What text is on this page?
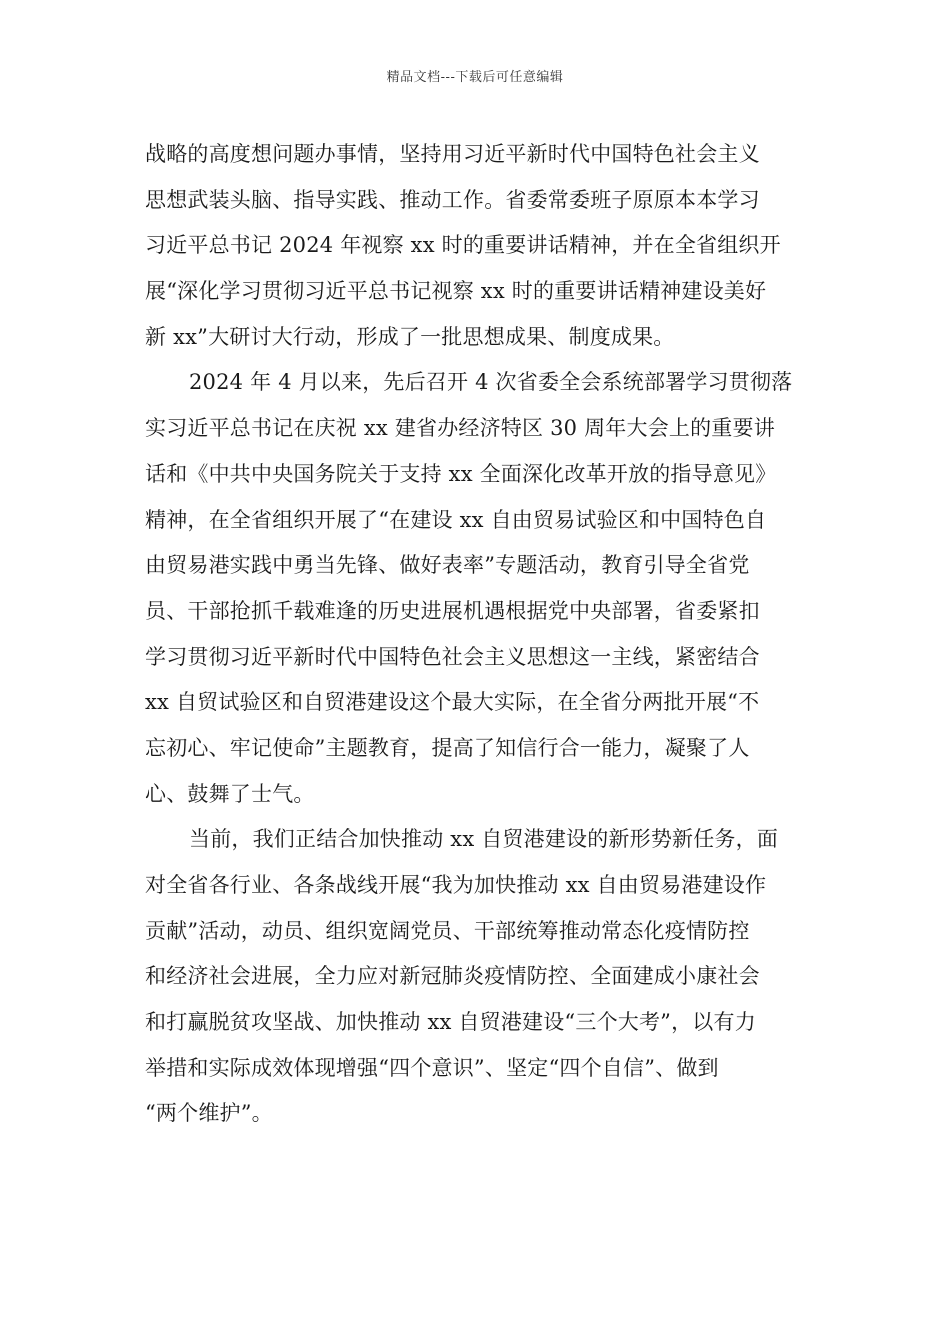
精品文档---下载后可任意编辑
战略的高度想问题办事情，坚持用习近平新时代中国特色社会主义
思想武装头脑、指导实践、推动工作。省委常委班子原原本本学习
习近平总书记 2024 年视察 xx 时的重要讲话精神，并在全省组织开
展“深化学习贯彻习近平总书记视察 xx 时的重要讲话精神建设美好
新 xx”大研讨大行动，形成了一批思想成果、制度成果。
2024 年 4 月以来，先后召开 4 次省委全会系统部署学习贯彻落
实习近平总书记在庆祝 xx 建省办经济特区 30 周年大会上的重要讲
话和《中共中央国务院关于支持 xx 全面深化改革开放的指导意见》
精神，在全省组织开展了“在建设 xx 自由贸易试验区和中国特色自
由贸易港实践中勇当先锋、做好表率”专题活动，教育引导全省党
员、干部抢抓千载难逢的历史进展机遇根据党中央部署，省委紧扣
学习贯彻习近平新时代中国特色社会主义思想这一主线，紧密结合
xx 自贸试验区和自贸港建设这个最大实际，在全省分两批开展“不
忘初心、牢记使命”主题教育，提高了知信行合一能力，凝聚了人
心、鼓舞了士气。
当前，我们正结合加快推动 xx 自贸港建设的新形势新任务，面
对全省各行业、各条战线开展“我为加快推动 xx 自由贸易港建设作
贡献”活动，动员、组织宽阔党员、干部统筹推动常态化疫情防控
和经济社会进展，全力应对新冠肺炎疫情防控、全面建成小康社会
和打赢脱贫攻坚战、加快推动 xx 自贸港建设“三个大考”，以有力
举措和实际成效体现增强“四个意识”、坚定“四个自信”、做到
“两个维护”。
